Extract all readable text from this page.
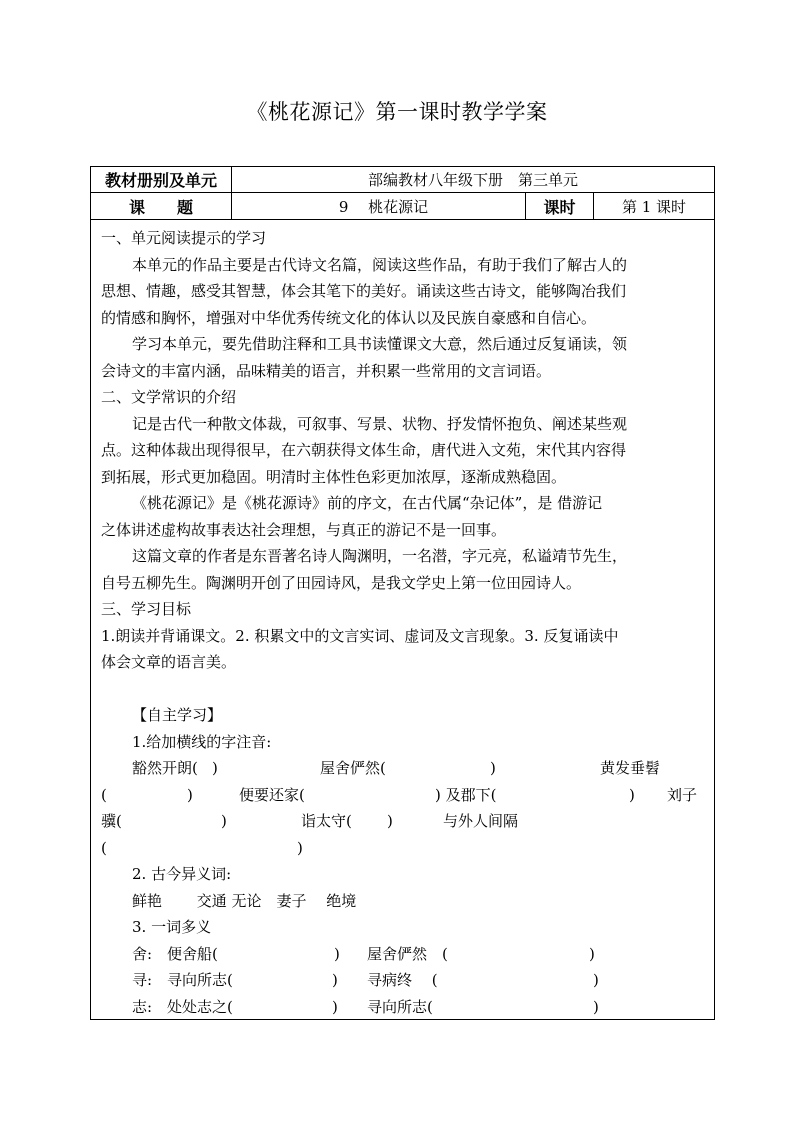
《桃花源记》第一课时教学学案
教材册别及单元	部编教材八年级下册　第三单元
课　　题	9　 桃花源记	课时	第 1 课时

一、单元阅读提示的学习

本单元的作品主要是古代诗文名篇，阅读这些作品，有助于我们了解古人的

思想、情趣，感受其智慧，体会其笔下的美好。诵读这些古诗文，能够陶冶我们

的情感和胸怀，增强对中华优秀传统文化的体认以及民族自豪感和自信心。

学习本单元，要先借助注释和工具书读懂课文大意，然后通过反复诵读，领

会诗文的丰富内涵，品味精美的语言，并积累一些常用的文言词语。

二、文学常识的介绍

记是古代一种散文体裁，可叙事、写景、状物、抒发情怀抱负、阐述某些观

点。这种体裁出现得很早，在六朝获得文体生命，唐代进入文苑，宋代其内容得

到拓展，形式更加稳固。明清时主体性色彩更加浓厚，逐渐成熟稳固。

《桃花源记》是《桃花源诗》前的序文，在古代属“杂记体”，是 借游记

之体讲述虚构故事表达社会理想，与真正的游记不是一回事。

这篇文章的作者是东晋著名诗人陶渊明，一名潜，字元亮，私谥靖节先生，

自号五柳先生。陶渊明开创了田园诗风，是我文学史上第一位田园诗人。

三、学习目标

1.朗读并背诵课文。2. 积累文中的文言实词、虚词及文言现象。3. 反复诵读中

体会文章的语言美。

【自主学习】

1.给加横线的字注音:

豁然开朗( )	屋舍俨然(	)	黄发垂髫

(	)	便要还家(	) 及郡下(	) 刘子

骥(	)	诣太守( )	与外人间隔

(	)

2. 古今异义词:

鲜艳　　 交通 无论　妻子　 绝境

3. 一词多义

舍:　便舍船(	) 屋舍俨然　(	)

寻:　寻向所志(	) 寻病终　 (	)

志:　处处志之(	) 寻向所志(	)
